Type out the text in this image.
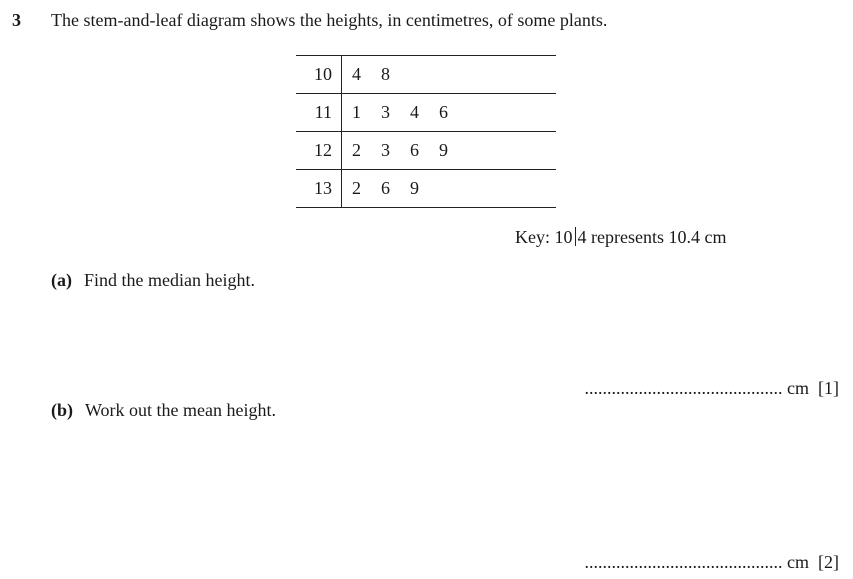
3 The stem-and-leaf diagram shows the heights, in centimetres, of some plants.
10	4 8
11	1 3 4 6
12	2 3 6 9
13	2 6 9
Key: 10 4 represents 10.4 cm
(a) Find the median height.
............................................ cm [1]
(b) Work out the mean height.
............................................ cm [2]
